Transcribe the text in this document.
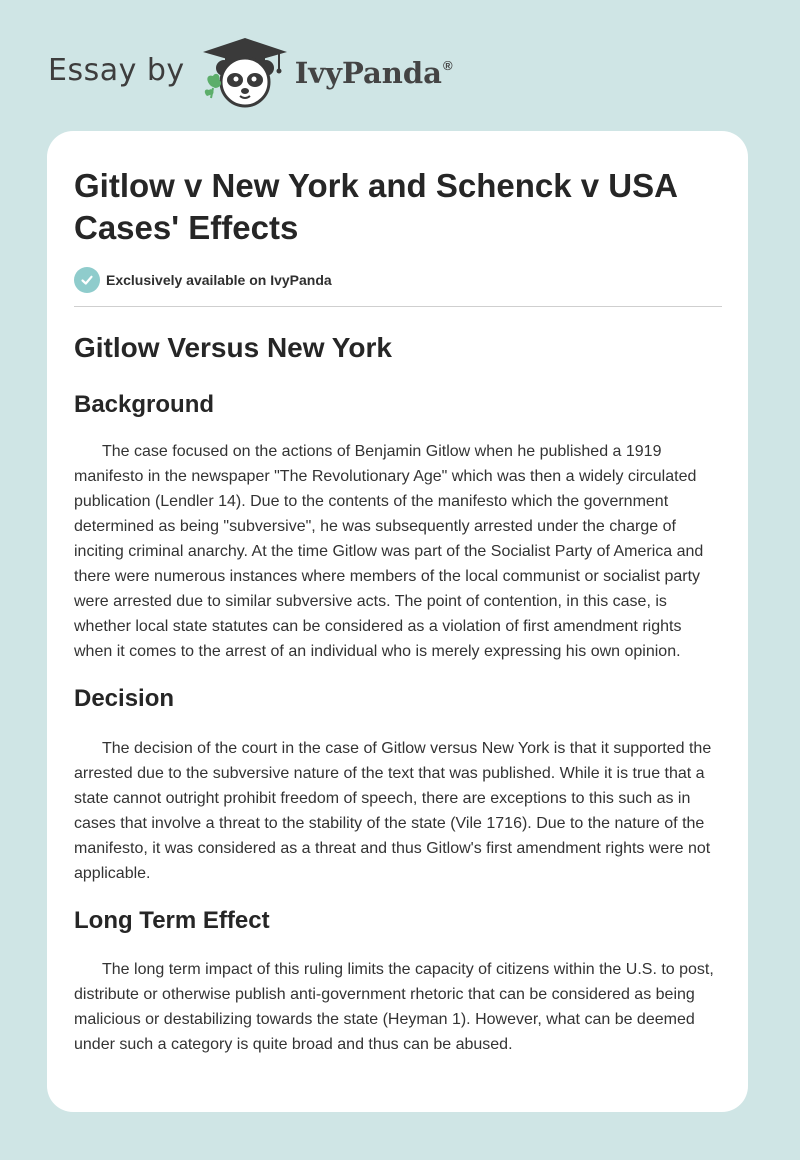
Essay by	IvyPanda®
Gitlow v New York and Schenck v USA Cases' Effects
Exclusively available on IvyPanda
Gitlow Versus New York
Background

The case focused on the actions of Benjamin Gitlow when he published a 1919 manifesto in the newspaper "The Revolutionary Age" which was then a widely circulated publication (Lendler 14). Due to the contents of the manifesto which the government determined as being "subversive", he was subsequently arrested under the charge of inciting criminal anarchy. At the time Gitlow was part of the Socialist Party of America and there were numerous instances where members of the local communist or socialist party were arrested due to similar subversive acts. The point of contention, in this case, is whether local state statutes can be considered as a violation of first amendment rights when it comes to the arrest of an individual who is merely expressing his own opinion.

Decision

The decision of the court in the case of Gitlow versus New York is that it supported the arrested due to the subversive nature of the text that was published. While it is true that a state cannot outright prohibit freedom of speech, there are exceptions to this such as in cases that involve a threat to the stability of the state (Vile 1716). Due to the nature of the manifesto, it was considered as a threat and thus Gitlow's first amendment rights were not applicable.

Long Term Effect

The long term impact of this ruling limits the capacity of citizens within the U.S. to post, distribute or otherwise publish anti-government rhetoric that can be considered as being malicious or destabilizing towards the state (Heyman 1). However, what can be deemed under such a category is quite broad and thus can be abused.
